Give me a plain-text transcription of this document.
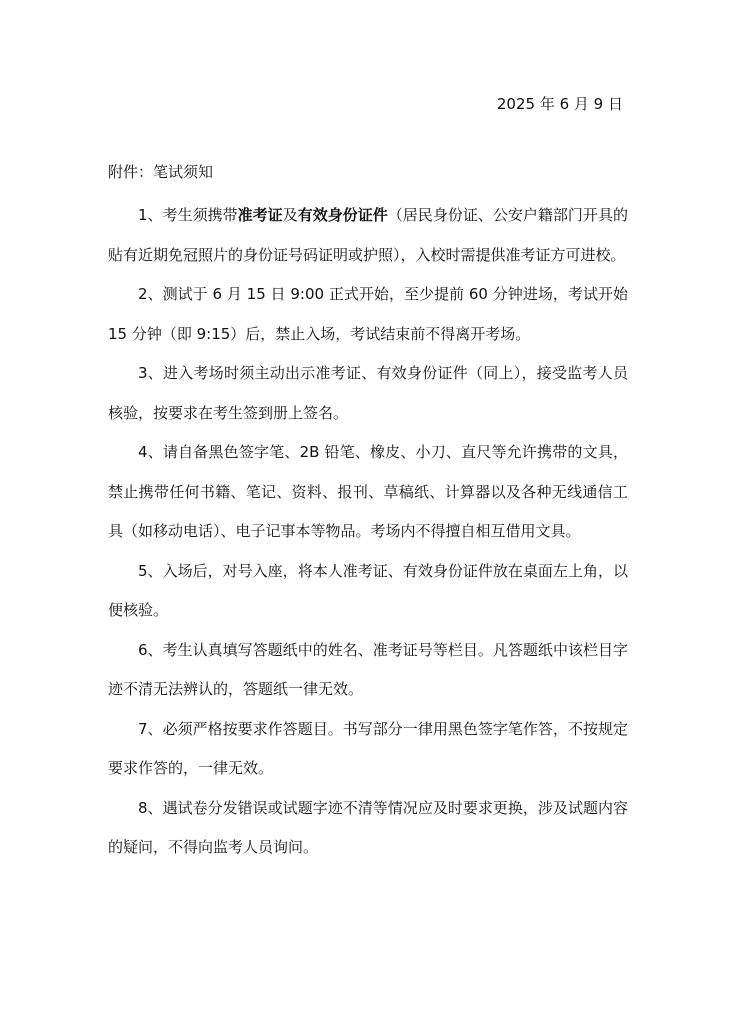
2025 年 6 月 9 日
附件：笔试须知

1、考生须携带准考证及有效身份证件（居民身份证、公安户籍部门开具的贴有近期免冠照片的身份证号码证明或护照），入校时需提供准考证方可进校。

2、测试于 6 月 15 日 9:00 正式开始，至少提前 60 分钟进场，考试开始 15 分钟（即 9:15）后，禁止入场，考试结束前不得离开考场。

3、进入考场时须主动出示准考证、有效身份证件（同上），接受监考人员核验，按要求在考生签到册上签名。

4、请自备黑色签字笔、2B 铅笔、橡皮、小刀、直尺等允许携带的文具，禁止携带任何书籍、笔记、资料、报刊、草稿纸、计算器以及各种无线通信工具（如移动电话）、电子记事本等物品。考场内不得擅自相互借用文具。

5、入场后，对号入座，将本人准考证、有效身份证件放在桌面左上角，以便核验。

6、考生认真填写答题纸中的姓名、准考证号等栏目。凡答题纸中该栏目字迹不清无法辨认的，答题纸一律无效。

7、必须严格按要求作答题目。书写部分一律用黑色签字笔作答，不按规定要求作答的，一律无效。

8、遇试卷分发错误或试题字迹不清等情况应及时要求更换，涉及试题内容的疑问，不得向监考人员询问。
